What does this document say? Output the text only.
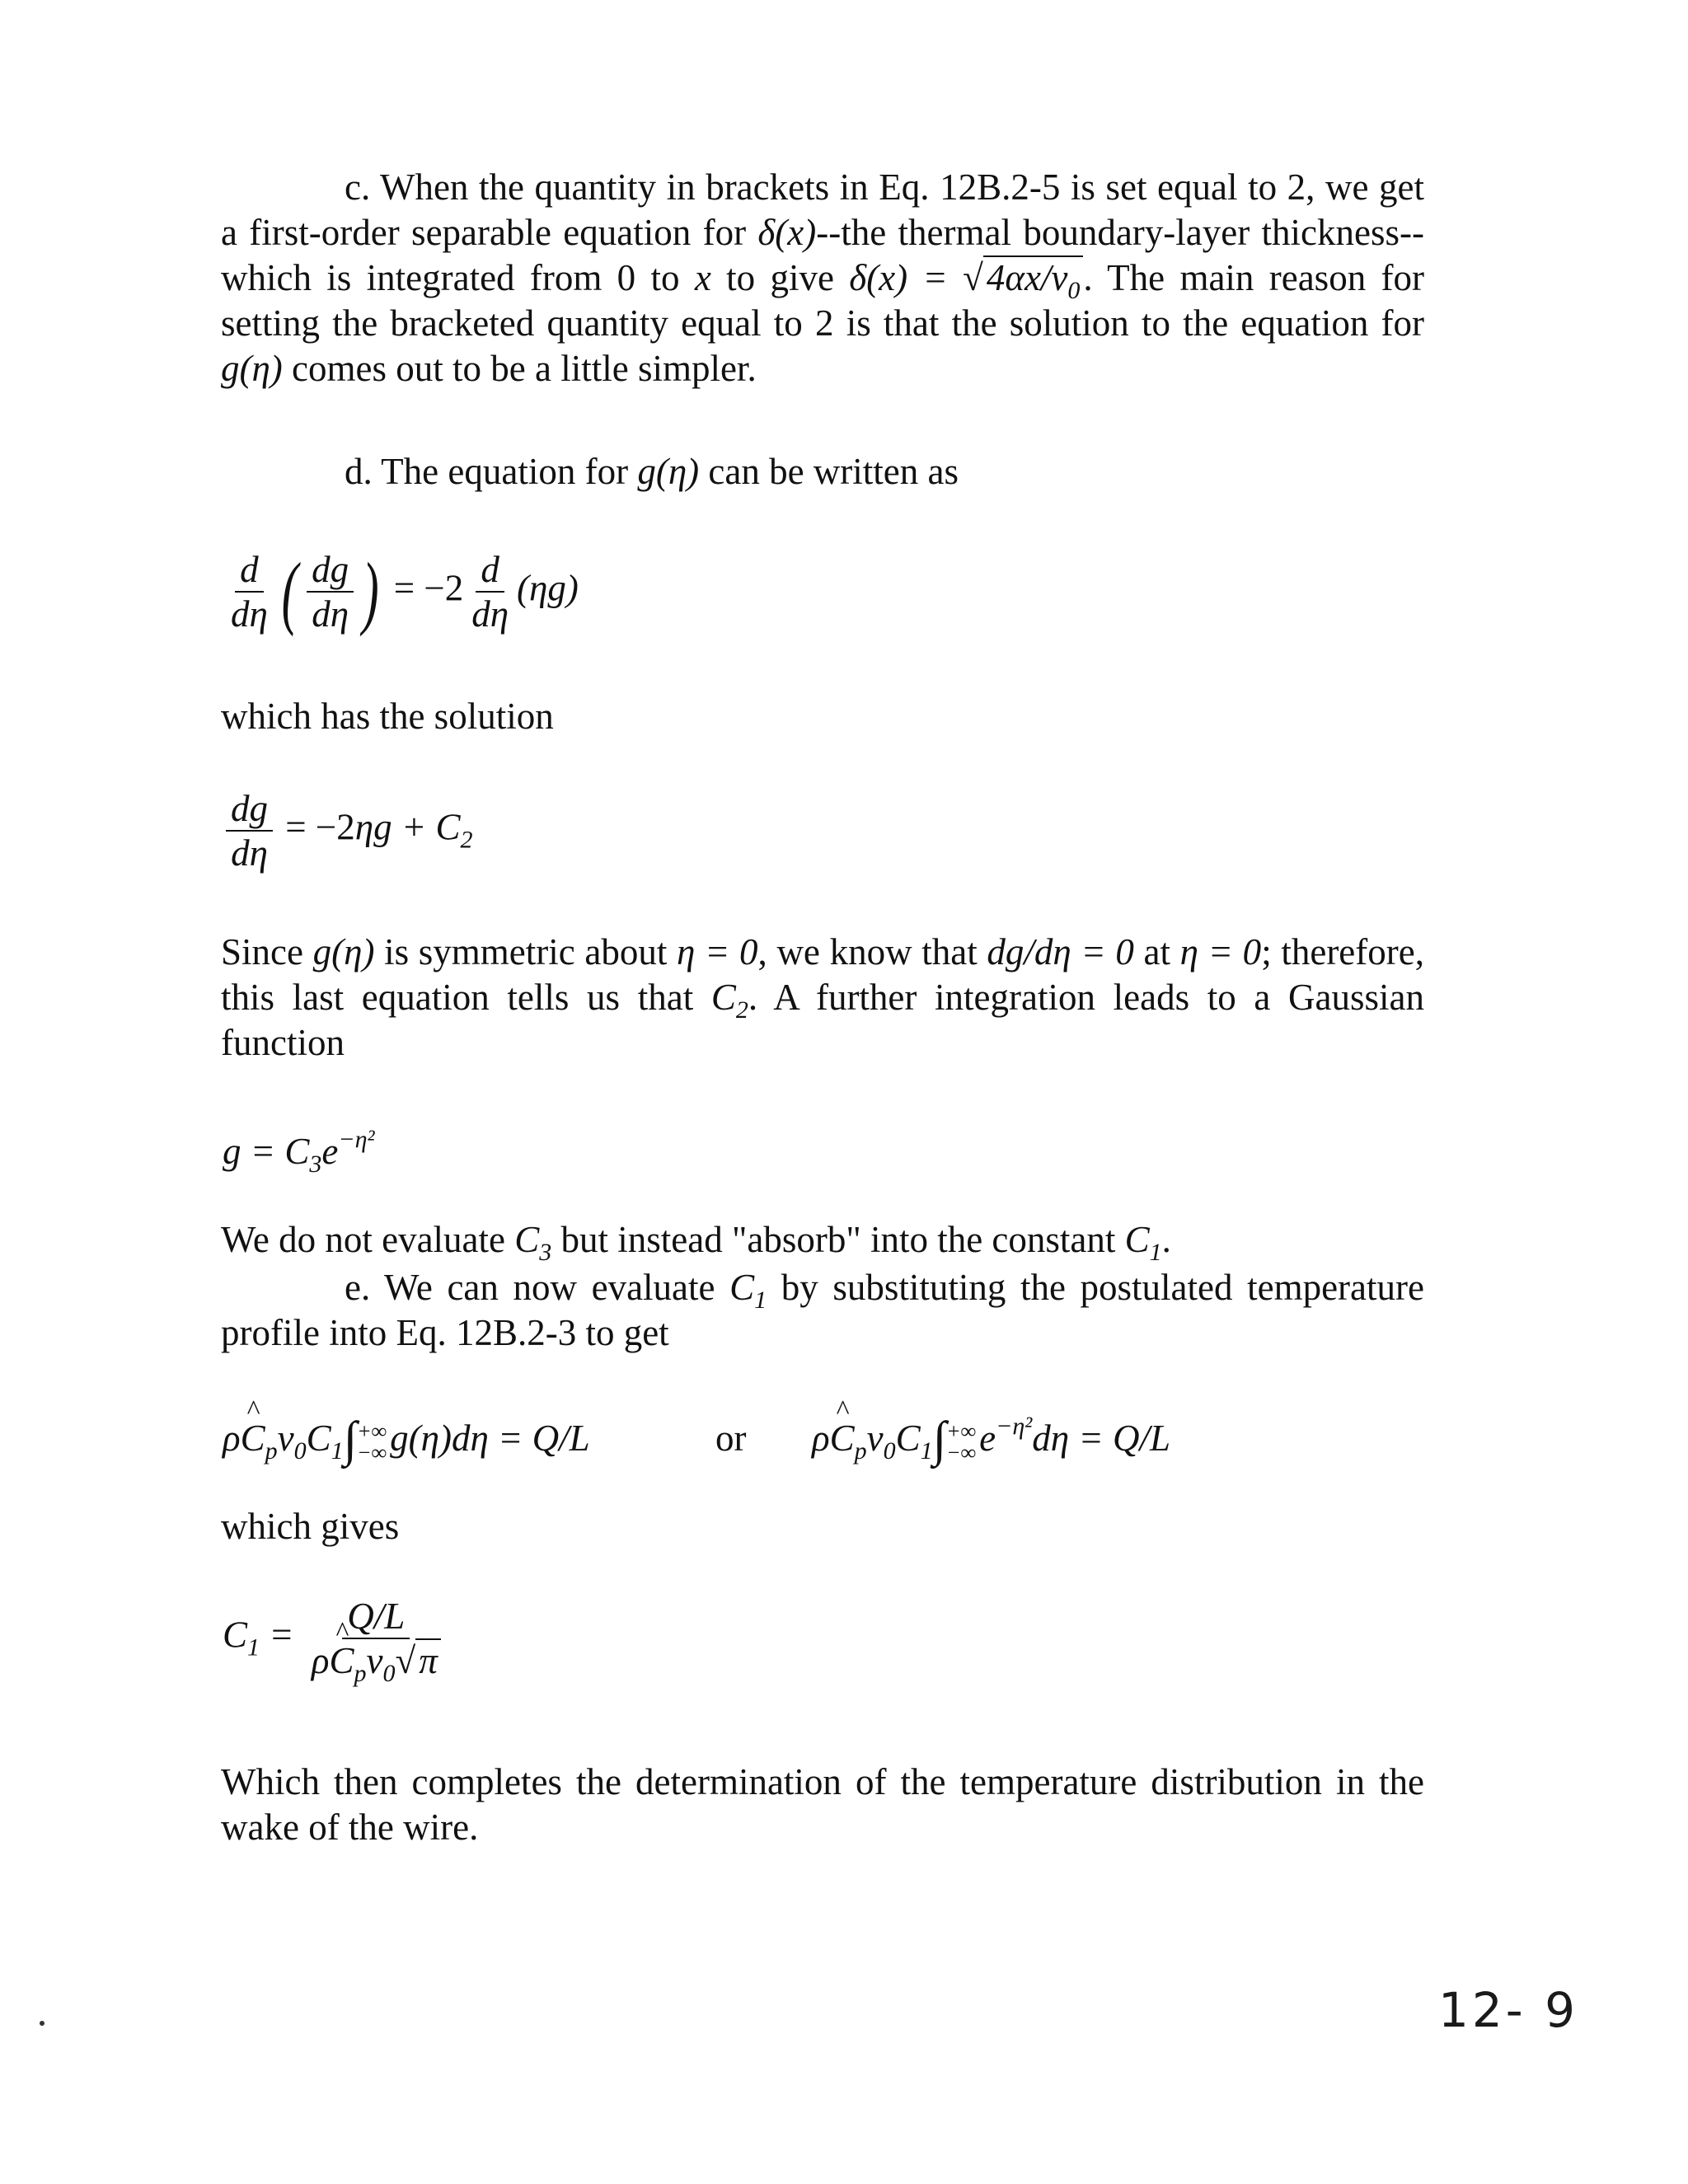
c. When the quantity in brackets in Eq. 12B.2-5 is set equal to 2, we get a first-order separable equation for δ(x)--the thermal boundary-layer thickness--which is integrated from 0 to x to give $\delta(x) = √4\alpha x/v_0$. The main reason for setting the bracketed quantity equal to 2 is that the solution to the equation for g(η) comes out to be a little simpler.

d. The equation for g(η) can be written as

$\frac{d}{d\eta}$ ( $\frac{dg}{d\eta}$ ) = $-2 \frac{d}{d\eta} (\eta g)$

which has the solution

$\frac{dg}{d\eta} = -2\eta g + C_2$

Since g(η) is symmetric about η = 0, we know that dg/dη = 0 at η = 0; therefore, this last equation tells us that $C_2$. A further integration leads to a Gaussian function

$g = C_3e^{-\eta^2}$

We do not evaluate $C_3$ but instead "absorb" into the constant $C_1$.

e. We can now evaluate $C_1$ by substituting the postulated temperature profile into Eq. 12B.2-3 to get

ρ^ $C_pv_0C_1\int$ +∞
−∞ g(η)dη = Q/L	or ρ^ $C_pv_0C_1\int$ +∞
−∞ $e^{-\eta^2}d\eta = Q/L$

which gives

$C_1 = \frac{Q/L}{\rho\^{} C_pv_0√\pi}$

Which then completes the determination of the temperature distribution in the wake of the wire.

12- 9
